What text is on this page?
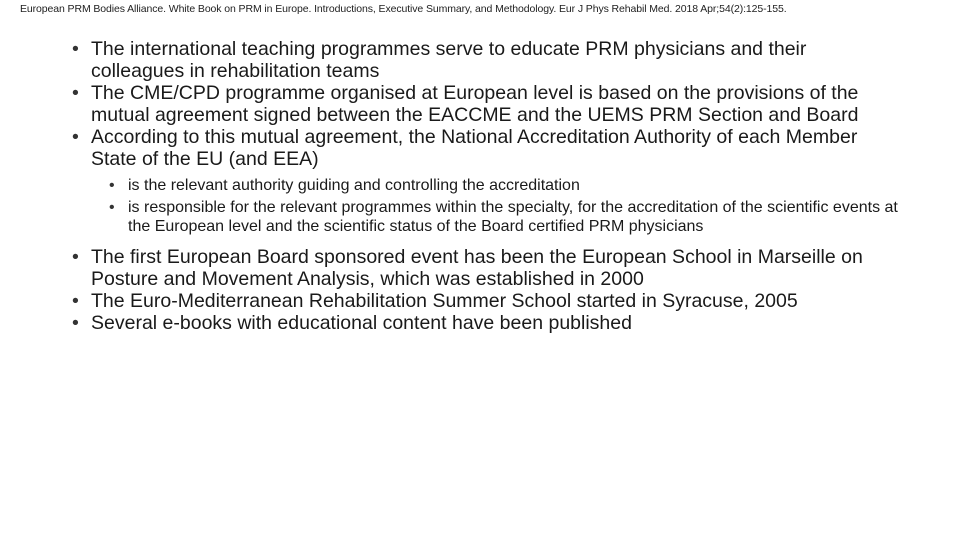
European PRM Bodies Alliance. White Book on PRM in Europe. Introductions, Executive Summary, and Methodology. Eur J Phys Rehabil Med. 2018 Apr;54(2):125-155.
• The international teaching programmes serve to educate PRM physicians and their colleagues in rehabilitation teams
• The CME/CPD programme organised at European level is based on the provisions of the mutual agreement signed between the EACCME and the UEMS PRM Section and Board
• According to this mutual agreement, the National Accreditation Authority of each Member State of the EU (and EEA)
• is the relevant authority guiding and controlling the accreditation
• is responsible for the relevant programmes within the specialty, for the accreditation of the scientific events at the European level and the scientific status of the Board certified PRM physicians
• The first European Board sponsored event has been the European School in Marseille on Posture and Movement Analysis, which was established in 2000
• The Euro-Mediterranean Rehabilitation Summer School started in Syracuse, 2005
• Several e-books with educational content have been published
